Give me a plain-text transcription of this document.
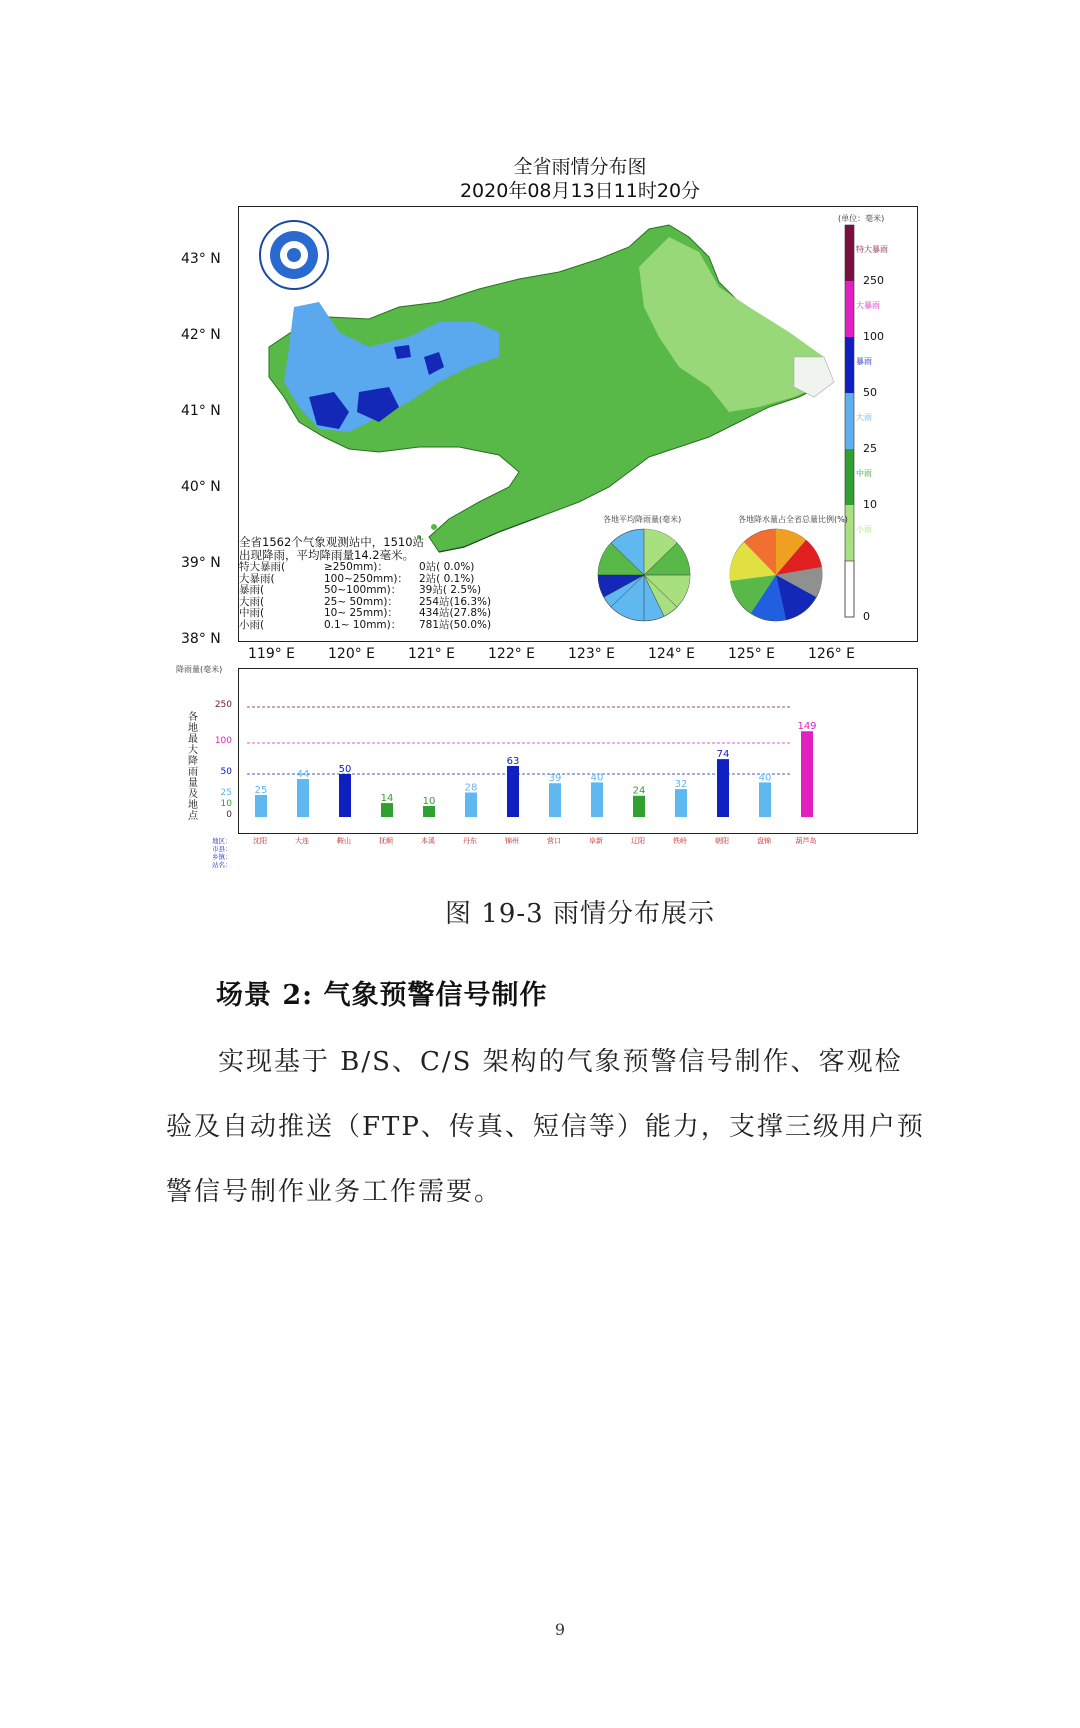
全省雨情分布图
2020年08月13日11时20分
43° N
42° N
41° N
40° N
39° N
38° N
(单位：毫米)
特大暴雨
250
大暴雨
100
暴雨
50
大雨
25
中雨
10
小雨
0
各地平均降雨量(毫米)	各地降水量占全省总量比例(%)
全省1562个气象观测站中，1510站
出现降雨，平均降雨量14.2毫米。
特大暴雨(	≥250mm)：	0站( 0.0%)
大暴雨(	100~250mm)：	2站( 0.1%)
暴雨(	50~100mm)：	39站( 2.5%)
大雨(	25~ 50mm)：	254站(16.3%)
中雨(	10~ 25mm)：	434站(27.8%)
小雨(	0.1~ 10mm)：	781站(50.0%)
119° E 120° E 121° E 122° E 123° E 124° E 125° E 126° E
降雨量(毫米)
各地最大降雨量及地点
25
44	50
14	10
28
63
39	40
24
32
74
40
149
0
10
25
50
100
250
地区：
市县：
乡镇：
站名：
沈阳	大连	鞍山	抚顺	本溪	丹东	锦州	营口	阜新	辽阳	铁岭	朝阳	盘锦	葫芦岛
图 19-3 雨情分布展示
场景 2: 气象预警信号制作
实现基于 B/S、C/S 架构的气象预警信号制作、客观检验及自动推送（FTP、传真、短信等）能力，支撑三级用户预警信号制作业务工作需要。
9
